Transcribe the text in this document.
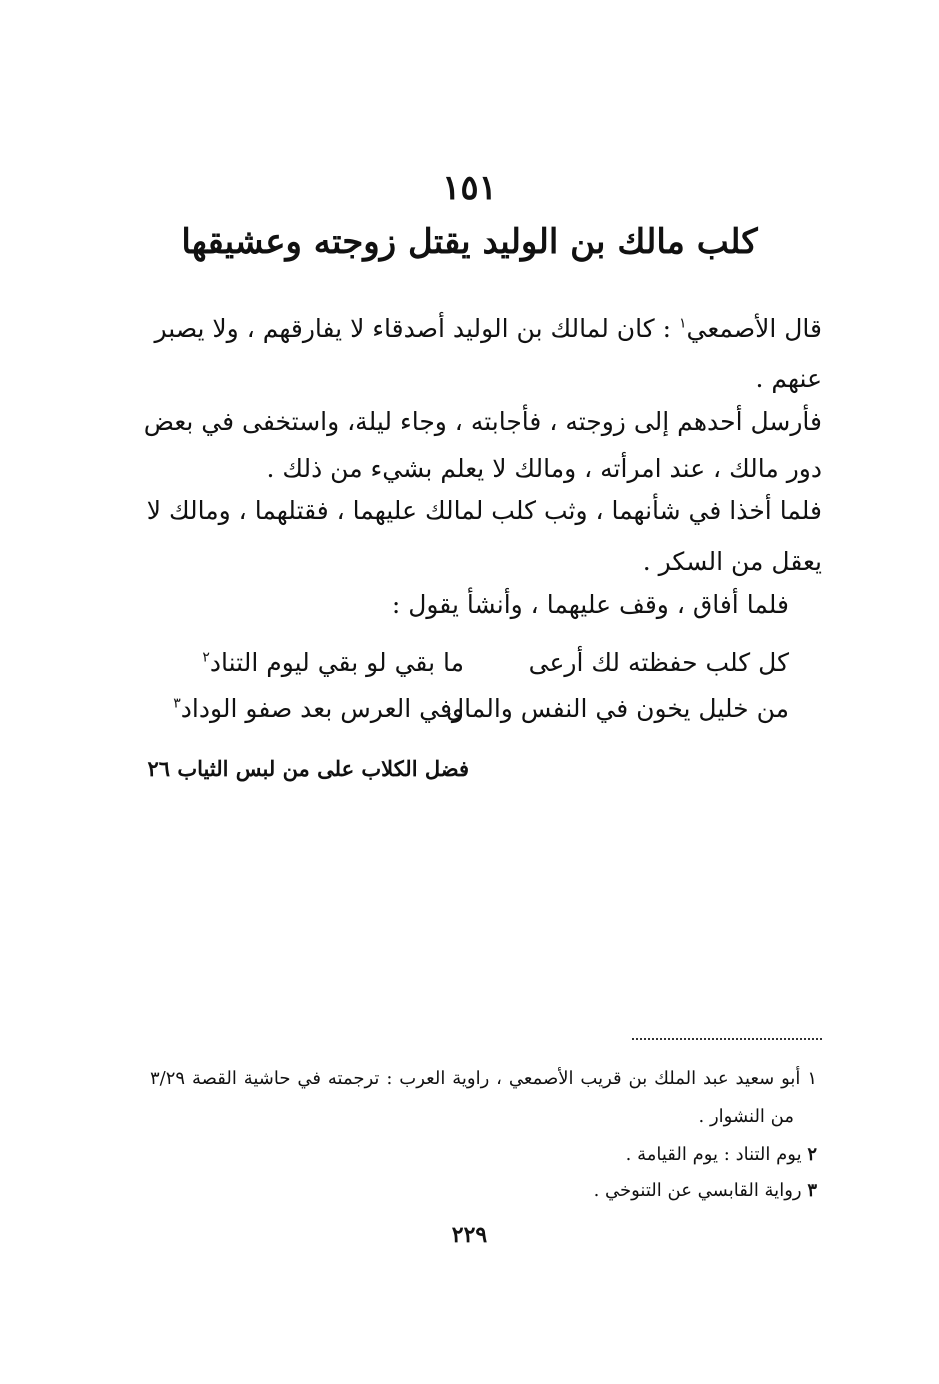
١٥١
كلب مالك بن الوليد يقتل زوجته وعشيقها
قال الأصمعي$^١$ : كان لمالك بن الوليد أصدقاء لا يفارقهم ، ولا يصبر
عنهم .
فأرسل أحدهم إلى زوجته ، فأجابته ، وجاء ليلة، واستخفى في بعض
دور مالك ، عند امرأته ، ومالك لا يعلم بشيء من ذلك .
فلما أخذا في شأنهما ، وثب كلب لمالك عليهما ، فقتلهما ، ومالك لا
يعقل من السكر .
فلما أفاق ، وقف عليهما ، وأنشأ يقول :
كل كلب حفظته لك أرعى
ما بقي لو بقي ليوم التناد$^٢$
من خليل يخون في النفس والمال
وفي العرس بعد صفو الوداد$^٣$
فضل الكلاب على من لبس الثياب ٢٦
١ أبو سعيد عبد الملك بن قريب الأصمعي ، راوية العرب : ترجمته في حاشية القصة ٣/٢٩
من النشوار .
٢ يوم التناد : يوم القيامة .
٣ رواية القابسي عن التنوخي .
٢٢٩
